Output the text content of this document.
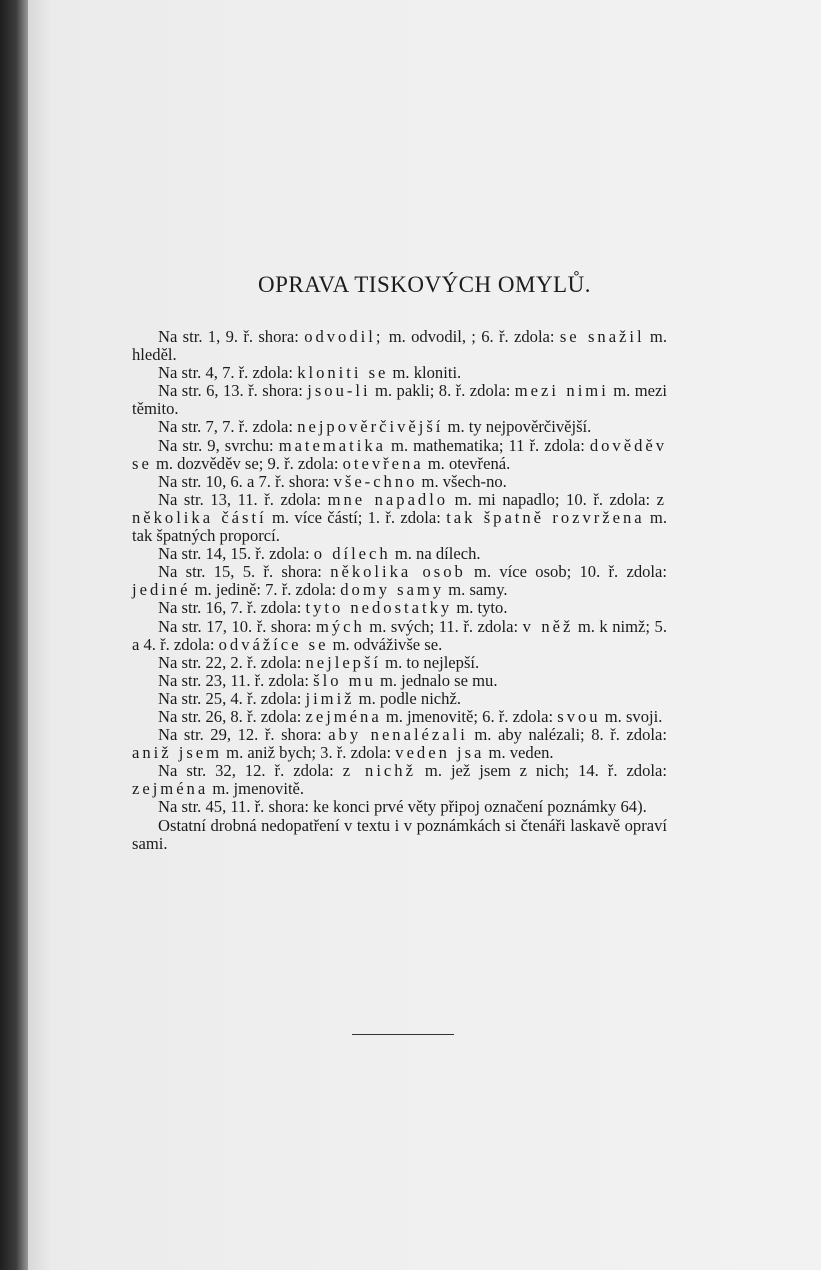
OPRAVA TISKOVÝCH OMYLŮ.

Na str. 1, 9. ř. shora: odvodil; m. odvodil, ; 6. ř. zdola: se snažil m. hleděl.

Na str. 4, 7. ř. zdola: kloniti se m. kloniti.

Na str. 6, 13. ř. shora: jsou-li m. pakli; 8. ř. zdola: mezi nimi m. mezi těmito.

Na str. 7, 7. ř. zdola: nejpověrčivější m. ty nejpověrčivější.

Na str. 9, svrchu: matematika m. mathematika; 11 ř. zdola: dověděv se m. dozvěděv se; 9. ř. zdola: otevřena m. otevřená.

Na str. 10, 6. a 7. ř. shora: vše-chno m. všech-no.

Na str. 13, 11. ř. zdola: mne napadlo m. mi napadlo; 10. ř. zdola: z několika částí m. více částí; 1. ř. zdola: tak špatně rozvržena m. tak špatných proporcí.

Na str. 14, 15. ř. zdola: o dílech m. na dílech.

Na str. 15, 5. ř. shora: několika osob m. více osob; 10. ř. zdola: jediné m. jedině: 7. ř. zdola: domy samy m. samy.

Na str. 16, 7. ř. zdola: tyto nedostatky m. tyto.

Na str. 17, 10. ř. shora: mých m. svých; 11. ř. zdola: v něž m. k nimž; 5. a 4. ř. zdola: odvážíce se m. odváživše se.

Na str. 22, 2. ř. zdola: nejlepší m. to nejlepší.

Na str. 23, 11. ř. zdola: šlo mu m. jednalo se mu.

Na str. 25, 4. ř. zdola: jimiž m. podle nichž.

Na str. 26, 8. ř. zdola: zejména m. jmenovitě; 6. ř. zdola: svou m. svoji.

Na str. 29, 12. ř. shora: aby nenalézali m. aby nalézali; 8. ř. zdola: aniž jsem m. aniž bych; 3. ř. zdola: veden jsa m. veden.

Na str. 32, 12. ř. zdola: z nichž m. jež jsem z nich; 14. ř. zdola: zejména m. jmenovitě.

Na str. 45, 11. ř. shora: ke konci prvé věty připoj označení poznámky 64).

Ostatní drobná nedopatření v textu i v poznámkách si čtenáři laskavě opraví sami.
